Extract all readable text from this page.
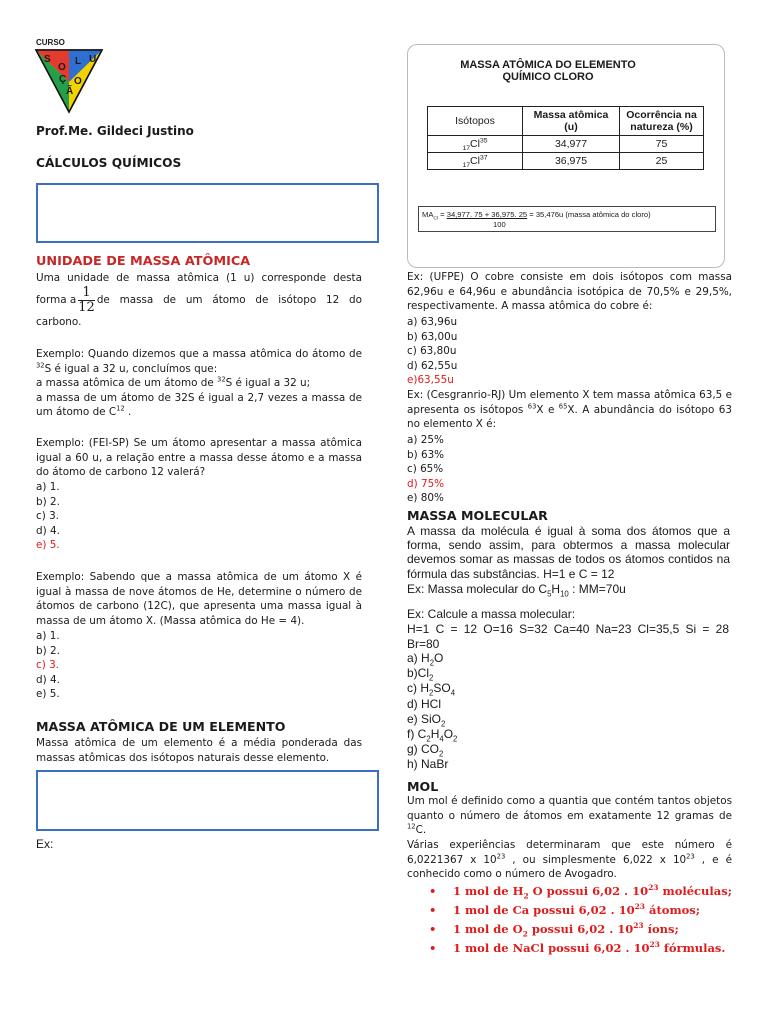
CURSO
S
O
L U
Ç
Ã
O
Prof.Me. Gildeci Justino
CÁLCULOS QUÍMICOS
UNIDADE DE MASSA ATÔMICA
Uma unidade de massa atômica (1 u) corresponde desta
forma a $\frac{1}{12}$ de massa de um átomo de isótopo 12 do
carbono.
Exemplo: Quando dizemos que a massa atômica do átomo de
$^{32}$S é igual a 32 u, concluímos que:
a massa atômica de um átomo de $^{32}$S é igual a 32 u;
a massa de um átomo de 32S é igual a 2,7 vezes a massa de
um átomo de $C^{12}$ .
Exemplo: (FEI-SP) Se um átomo apresentar a massa atômica igual a 60 u, a relação entre a massa desse átomo e a massa do átomo de carbono 12 valerá?
a) 1.
b) 2.
c) 3.
d) 4.
e) 5.
Exemplo: Sabendo que a massa atômica de um átomo X é igual à massa de nove átomos de He, determine o número de átomos de carbono (12C), que apresenta uma massa igual à massa de um átomo X. (Massa atômica do He = 4).
a) 1.
b) 2.
c) 3.
d) 4.
e) 5.
MASSA ATÔMICA DE UM ELEMENTO
Massa atômica de um elemento é a média ponderada das massas atômicas dos isótopos naturais desse elemento.
Ex:
MASSA ATÔMICA DO ELEMENTO
QUÍMICO CLORO
Isótopos	Massa atômica (u)	Ocorrência na natureza (%)
$_{17}Cl^{35}$	34,977	75
$_{17}Cl^{37}$	36,975	25
$MA_{Cl} = 34,977$. 75 + 36,975. 25 = 35,476u (massa atômica do cloro)
100
Ex: (UFPE) O cobre consiste em dois isótopos com massa 62,96u e 64,96u e abundância isotópica de 70,5% e 29,5%, respectivamente. A massa atômica do cobre é:
a) 63,96u
b) 63,00u
c) 63,80u
d) 62,55u
e)63,55u
Ex: (Cesgranrio-RJ) Um elemento X tem massa atômica 63,5 e
apresenta os isótopos $^{63}$X e $^{65}$X. A abundância do isótopo 63
no elemento X é:
a) 25%
b) 63%
c) 65%
d) 75%
e) 80%
MASSA MOLECULAR
A massa da molécula é igual à soma dos átomos que a forma, sendo assim, para obtermos a massa molecular devemos somar as massas de todos os átomos contidos na fórmula das substâncias. H=1 e C = 12
Ex: Massa molecular do $C_5H_{10}$ : MM=70u
Ex: Calcule a massa molecular:
H=1 C = 12 O=16 S=32 Ca=40 Na=23 Cl=35,5 Si = 28 Br=80
a) $H_2O$
$b)Cl_2$
c) $H_2SO_4$
d) HCl
e) SiO$_2$
f) $C_2H_4O_2$
g) $CO_2$
h) NaBr
MOL
Um mol é definido como a quantia que contém tantos objetos quanto o número de átomos em exatamente 12 gramas de $^{12}$C.
Várias experiências determinaram que este número é 6,0221367 x $10^{23}$ , ou simplesmente 6,022 x $10^{23}$ , e é conhecido como o número de Avogadro.
• 1 mol de $H_2$ O possui 6,02 . $10^{23}$ moléculas;
• 1 mol de Ca possui 6,02 . $10^{23}$ átomos;
• 1 mol de $O_2$ possui 6,02 . $10^{23}$ íons;
• 1 mol de NaCl possui 6,02 . $10^{23}$ fórmulas.
